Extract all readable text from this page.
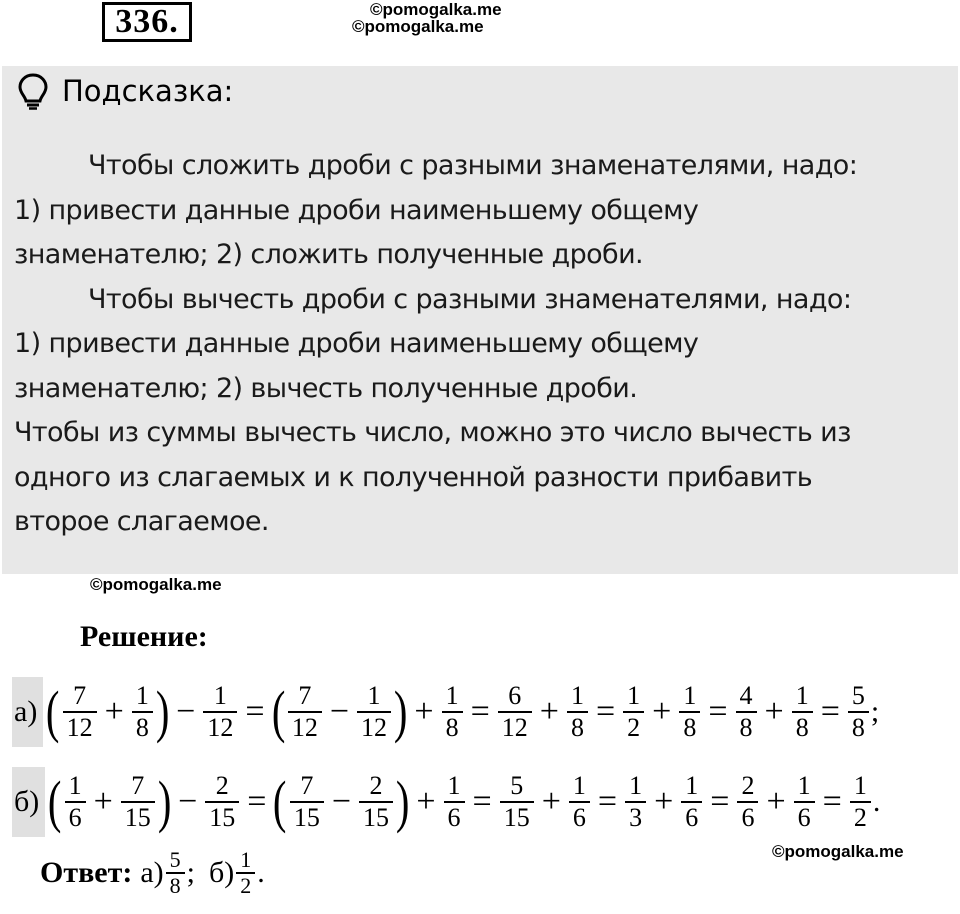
336.	©pomogalka.me
©pomogalka.me
Подсказка:

Чтобы сложить дроби с разными знаменателями, надо:

1) привести данные дроби наименьшему общему

знаменателю; 2) сложить полученные дроби.

Чтобы вычесть дроби с разными знаменателями, надо:

1) привести данные дроби наименьшему общему

знаменателю; 2) вычесть полученные дроби.

Чтобы из суммы вычесть число, можно это число вычесть из

одного из слагаемых и к полученной разности прибавить

второе слагаемое.

©pomogalka.me
Решение:
а) ( $\frac{7}{12} + \frac{1}{8}$ ) − $\frac{1}{12}$ = ( $\frac{7}{12} - \frac{1}{12}$ ) + $\frac{1}{8} = \frac{6}{12} + \frac{1}{8} = \frac{1}{2} + \frac{1}{8} = \frac{4}{8} + \frac{1}{8} = \frac{5}{8}$ ;
б) ( $\frac{1}{6} + \frac{7}{15}$ ) − $\frac{2}{15}$ = ( $\frac{7}{15} - \frac{2}{15}$ ) + $\frac{1}{6} = \frac{5}{15} + \frac{1}{6} = \frac{1}{3} + \frac{1}{6} = \frac{2}{6} + \frac{1}{6} = \frac{1}{2}$ .
©pomogalka.me
Ответ: $а) \frac{5}{8}$ ; $б) \frac{1}{2}$ .
